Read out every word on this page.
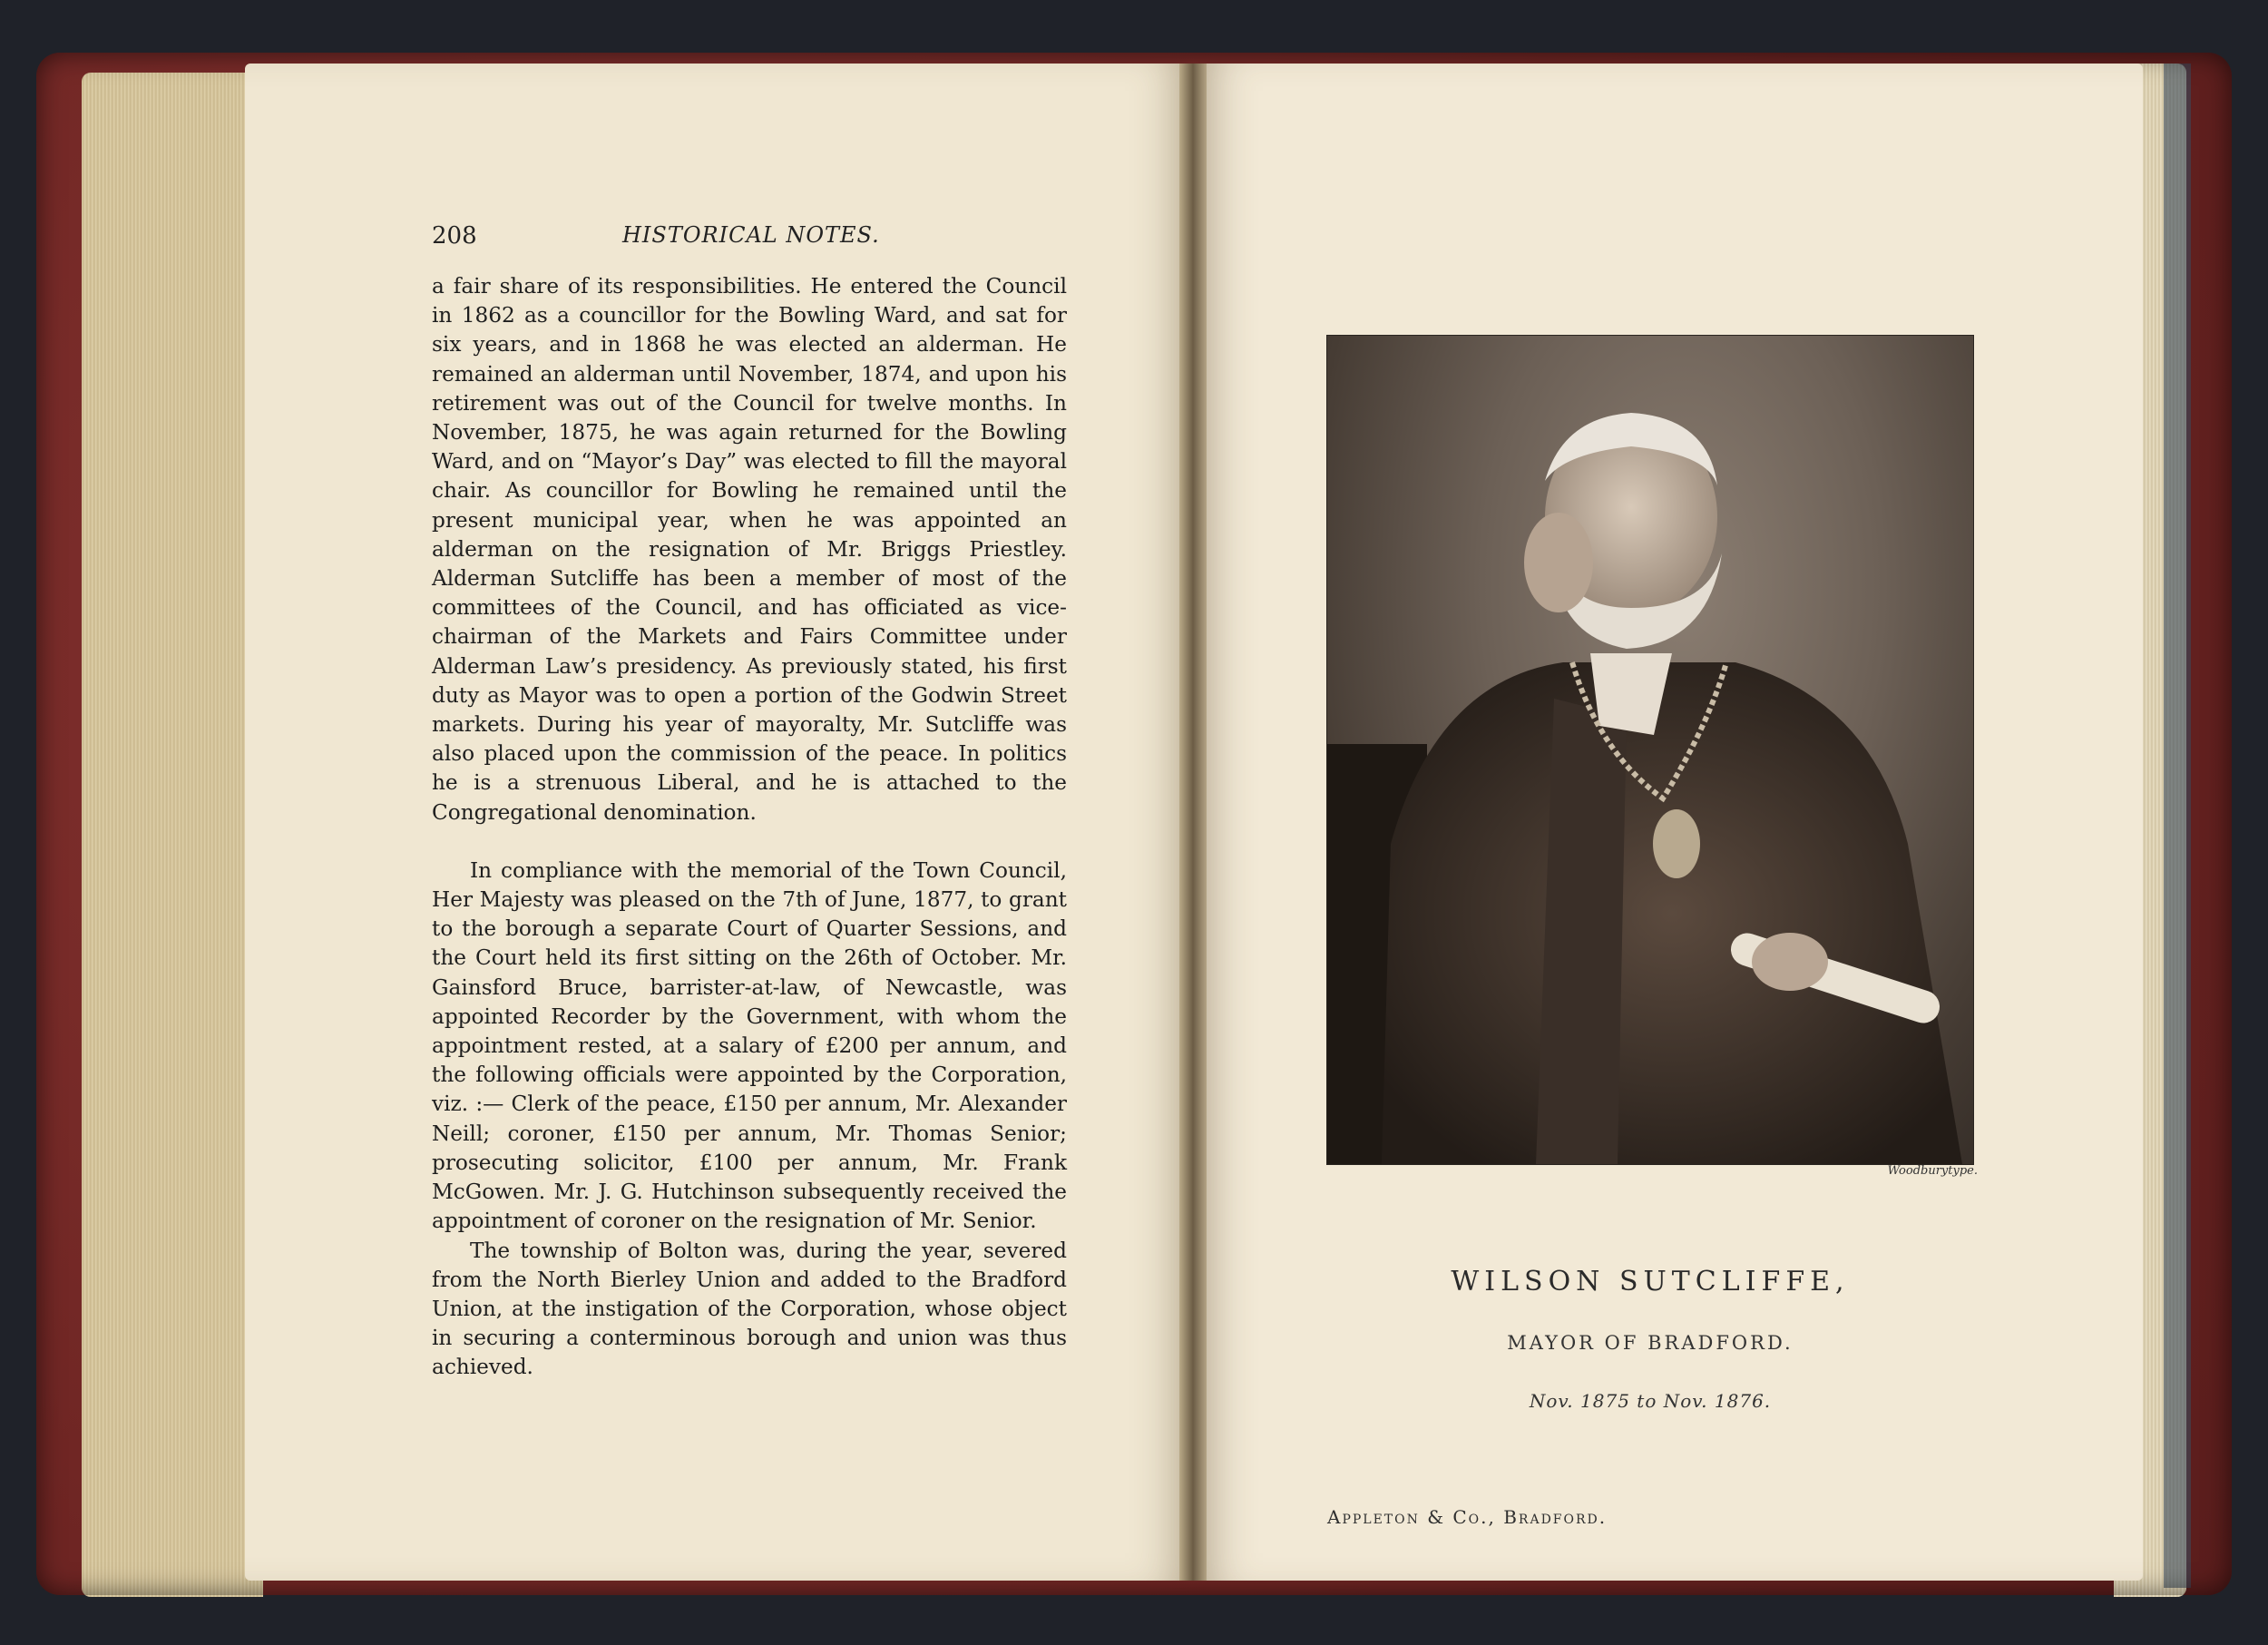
208	HISTORICAL NOTES.

a fair share of its responsibilities. He entered the Council in 1862 as a councillor for the Bowling Ward, and sat for six years, and in 1868 he was elected an alderman. He remained an alderman until November, 1874, and upon his retirement was out of the Council for twelve months. In November, 1875, he was again returned for the Bowling Ward, and on “Mayor’s Day” was elected to fill the mayoral chair. As councillor for Bowling he remained until the present municipal year, when he was appointed an alderman on the resignation of Mr. Briggs Priestley. Alderman Sutcliffe has been a member of most of the committees of the Council, and has officiated as vice-chairman of the Markets and Fairs Committee under Alderman Law’s presidency. As previously stated, his first duty as Mayor was to open a portion of the Godwin Street markets. During his year of mayoralty, Mr. Sutcliffe was also placed upon the commission of the peace. In politics he is a strenuous Liberal, and he is attached to the Congregational denomination.

In compliance with the memorial of the Town Council, Her Majesty was pleased on the 7th of June, 1877, to grant to the borough a separate Court of Quarter Sessions, and the Court held its first sitting on the 26th of October. Mr. Gainsford Bruce, barrister-at-law, of Newcastle, was appointed Recorder by the Government, with whom the appointment rested, at a salary of £200 per annum, and the following officials were appointed by the Corporation, viz. :— Clerk of the peace, £150 per annum, Mr. Alexander Neill; coroner, £150 per annum, Mr. Thomas Senior; prosecuting solicitor, £100 per annum, Mr. Frank McGowen. Mr. J. G. Hutchinson subsequently received the appointment of coroner on the resignation of Mr. Senior.

The township of Bolton was, during the year, severed from the North Bierley Union and added to the Bradford Union, at the instigation of the Corporation, whose object in securing a conterminous borough and union was thus achieved.

Woodburytype.
WILSON SUTCLIFFE,
MAYOR OF BRADFORD.
Nov. 1875 to Nov. 1876.
Appleton & Co., Bradford.
